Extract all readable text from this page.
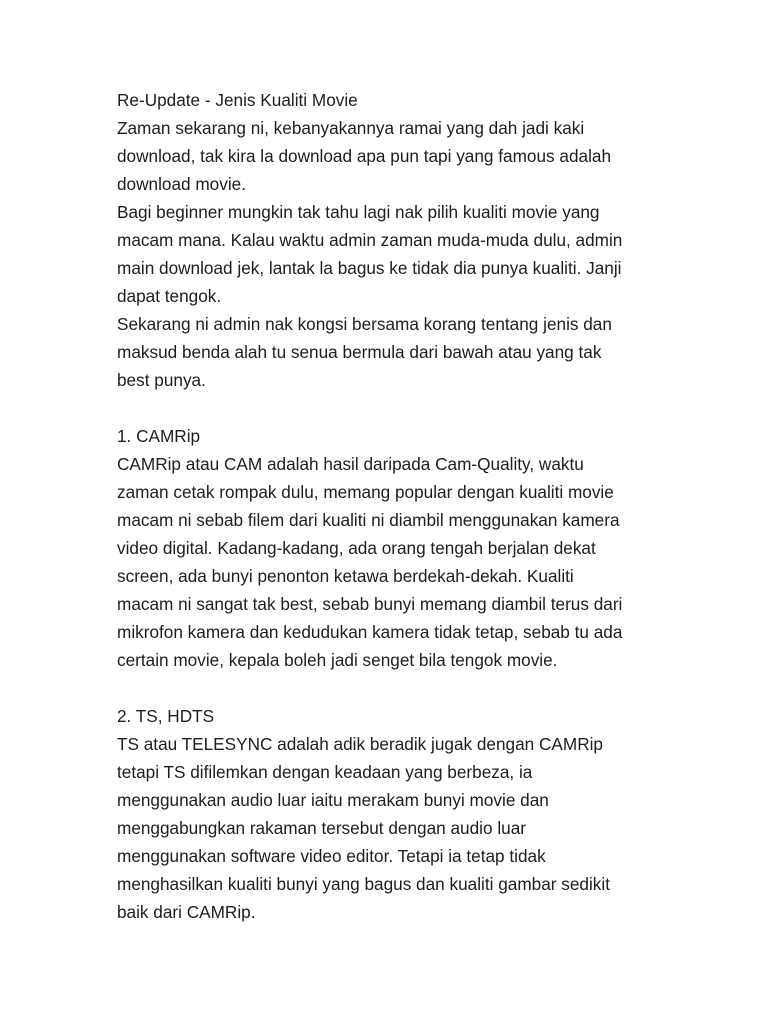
Re-Update - Jenis Kualiti Movie
Zaman sekarang ni, kebanyakannya ramai yang dah jadi kaki
download, tak kira la download apa pun tapi yang famous adalah
download movie.
Bagi beginner mungkin tak tahu lagi nak pilih kualiti movie yang
macam mana. Kalau waktu admin zaman muda-muda dulu, admin
main download jek, lantak la bagus ke tidak dia punya kualiti. Janji
dapat tengok.
Sekarang ni admin nak kongsi bersama korang tentang jenis dan
maksud benda alah tu senua bermula dari bawah atau yang tak
best punya.
1. CAMRip
CAMRip atau CAM adalah hasil daripada Cam-Quality, waktu
zaman cetak rompak dulu, memang popular dengan kualiti movie
macam ni sebab filem dari kualiti ni diambil menggunakan kamera
video digital. Kadang-kadang, ada orang tengah berjalan dekat
screen, ada bunyi penonton ketawa berdekah-dekah. Kualiti
macam ni sangat tak best, sebab bunyi memang diambil terus dari
mikrofon kamera dan kedudukan kamera tidak tetap, sebab tu ada
certain movie, kepala boleh jadi senget bila tengok movie.
2. TS, HDTS
TS atau TELESYNC adalah adik beradik jugak dengan CAMRip
tetapi TS difilemkan dengan keadaan yang berbeza, ia
menggunakan audio luar iaitu merakam bunyi movie dan
menggabungkan rakaman tersebut dengan audio luar
menggunakan software video editor. Tetapi ia tetap tidak
menghasilkan kualiti bunyi yang bagus dan kualiti gambar sedikit
baik dari CAMRip.
